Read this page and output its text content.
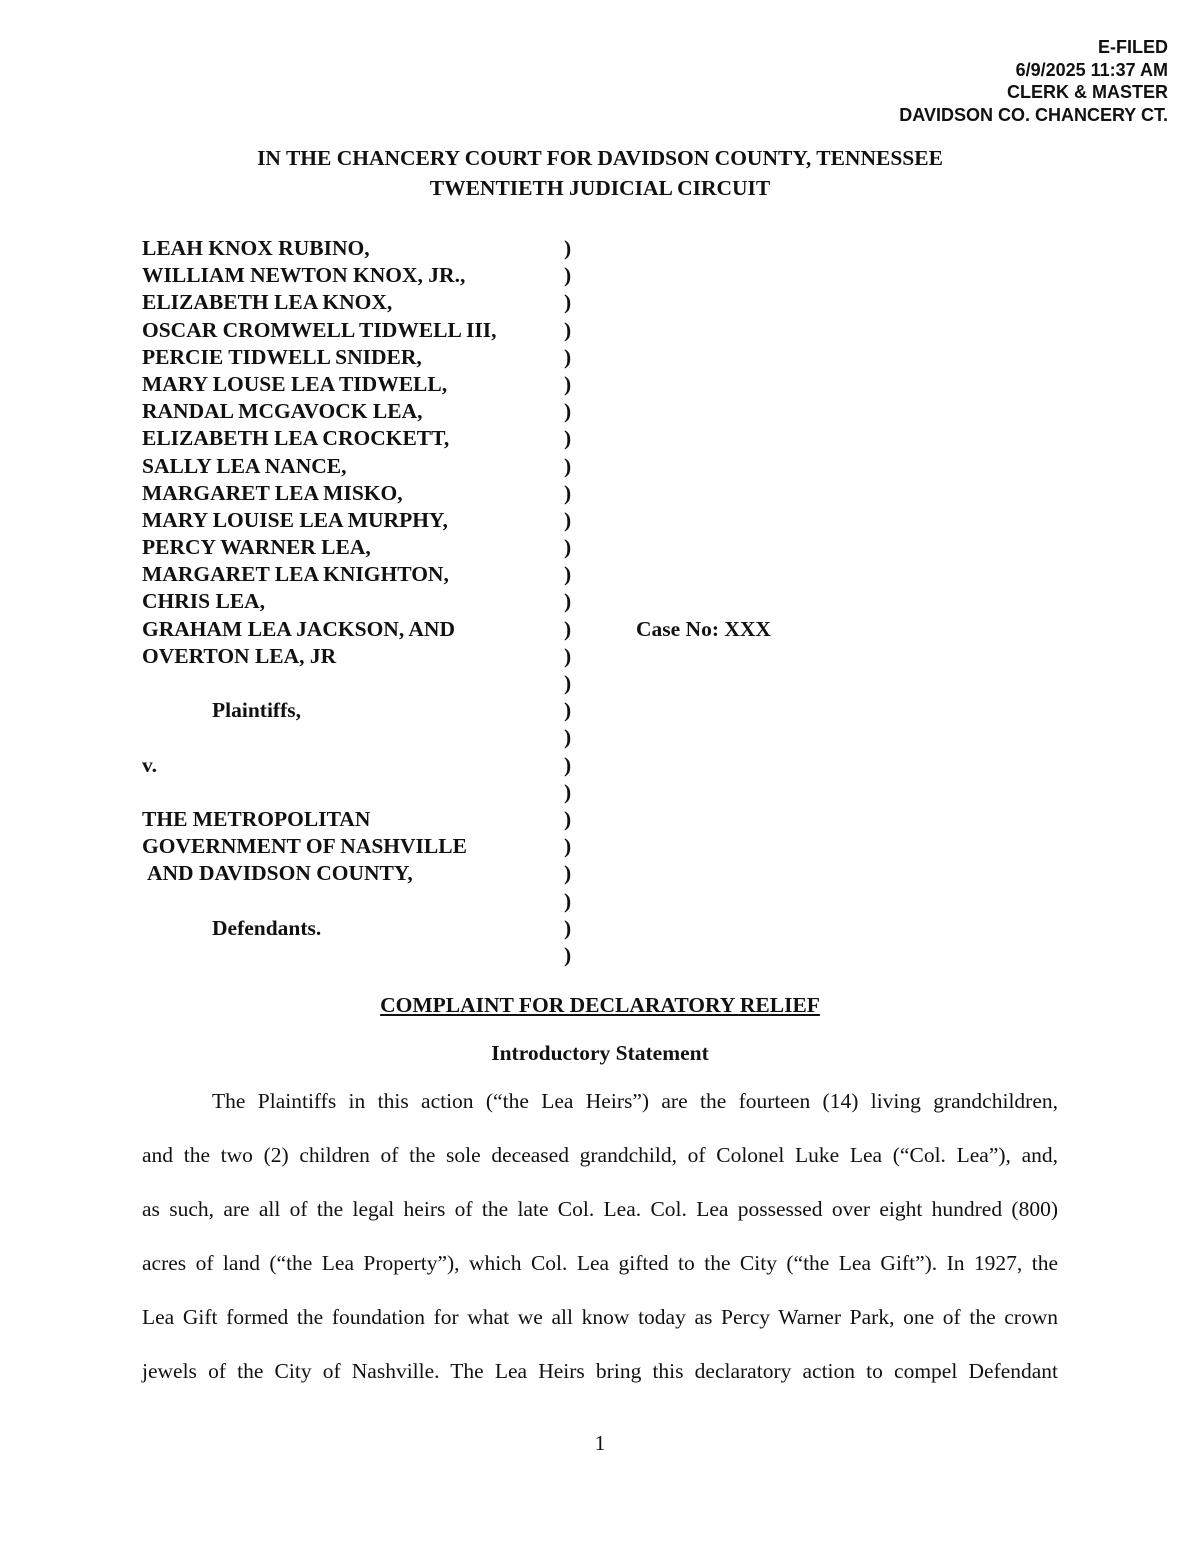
E-FILED
6/9/2025 11:37 AM
CLERK & MASTER
DAVIDSON CO. CHANCERY CT.
IN THE CHANCERY COURT FOR DAVIDSON COUNTY, TENNESSEE
TWENTIETH JUDICIAL CIRCUIT
LEAH KNOX RUBINO,	)
WILLIAM NEWTON KNOX, JR.,	)
ELIZABETH LEA KNOX,	)
OSCAR CROMWELL TIDWELL III,	)
PERCIE TIDWELL SNIDER,	)
MARY LOUSE LEA TIDWELL,	)
RANDAL MCGAVOCK LEA,	)
ELIZABETH LEA CROCKETT,	)
SALLY LEA NANCE,	)
MARGARET LEA MISKO,	)
MARY LOUISE LEA MURPHY,	)
PERCY WARNER LEA,	)
MARGARET LEA KNIGHTON,	)
CHRIS LEA,	)
GRAHAM LEA JACKSON, AND	)	Case No: XXX
OVERTON LEA, JR	)
)
Plaintiffs,	)
)
v.	)
)
THE METROPOLITAN	)
GOVERNMENT OF NASHVILLE	)
AND DAVIDSON COUNTY,	)
)
Defendants.	)
)
COMPLAINT FOR DECLARATORY RELIEF
Introductory Statement
The Plaintiffs in this action (“the Lea Heirs”) are the fourteen (14) living grandchildren,
and the two (2) children of the sole deceased grandchild, of Colonel Luke Lea (“Col. Lea”), and,
as such, are all of the legal heirs of the late Col. Lea. Col. Lea possessed over eight hundred (800)
acres of land (“the Lea Property”), which Col. Lea gifted to the City (“the Lea Gift”). In 1927, the
Lea Gift formed the foundation for what we all know today as Percy Warner Park, one of the crown
jewels of the City of Nashville. The Lea Heirs bring this declaratory action to compel Defendant
1
